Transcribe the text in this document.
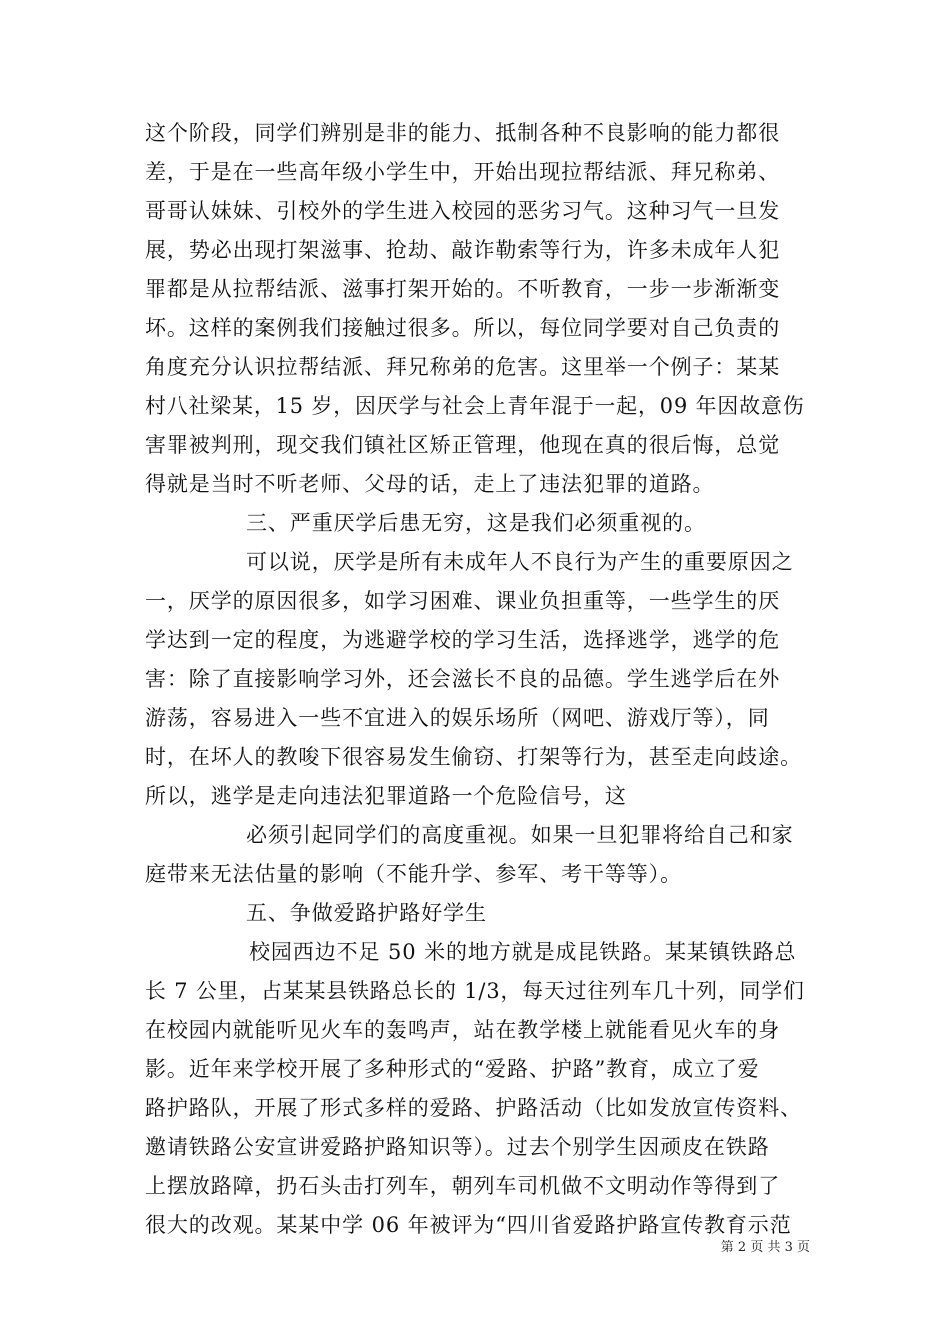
这个阶段，同学们辨别是非的能力、抵制各种不良影响的能力都很
差，于是在一些高年级小学生中，开始出现拉帮结派、拜兄称弟、
哥哥认妹妹、引校外的学生进入校园的恶劣习气。这种习气一旦发
展，势必出现打架滋事、抢劫、敲诈勒索等行为，许多未成年人犯
罪都是从拉帮结派、滋事打架开始的。不听教育，一步一步渐渐变
坏。这样的案例我们接触过很多。所以，每位同学要对自己负责的
角度充分认识拉帮结派、拜兄称弟的危害。这里举一个例子：某某
村八社梁某，15 岁，因厌学与社会上青年混于一起，09 年因故意伤
害罪被判刑，现交我们镇社区矫正管理，他现在真的很后悔，总觉
得就是当时不听老师、父母的话，走上了违法犯罪的道路。
三、严重厌学后患无穷，这是我们必须重视的。
可以说，厌学是所有未成年人不良行为产生的重要原因之
一，厌学的原因很多，如学习困难、课业负担重等，一些学生的厌
学达到一定的程度，为逃避学校的学习生活，选择逃学，逃学的危
害：除了直接影响学习外，还会滋长不良的品德。学生逃学后在外
游荡，容易进入一些不宜进入的娱乐场所（网吧、游戏厅等），同
时，在坏人的教唆下很容易发生偷窃、打架等行为，甚至走向歧途。
所以，逃学是走向违法犯罪道路一个危险信号，这
必须引起同学们的高度重视。如果一旦犯罪将给自己和家
庭带来无法估量的影响（不能升学、参军、考干等等）。
五、争做爱路护路好学生
校园西边不足 50 米的地方就是成昆铁路。某某镇铁路总
长 7 公里，占某某县铁路总长的 1/3，每天过往列车几十列，同学们
在校园内就能听见火车的轰鸣声，站在教学楼上就能看见火车的身
影。近年来学校开展了多种形式的“爱路、护路”教育，成立了爱
路护路队，开展了形式多样的爱路、护路活动（比如发放宣传资料、
邀请铁路公安宣讲爱路护路知识等）。过去个别学生因顽皮在铁路
上摆放路障，扔石头击打列车，朝列车司机做不文明动作等得到了
很大的改观。某某中学 06 年被评为“四川省爱路护路宣传教育示范
第 2 页 共 3 页
